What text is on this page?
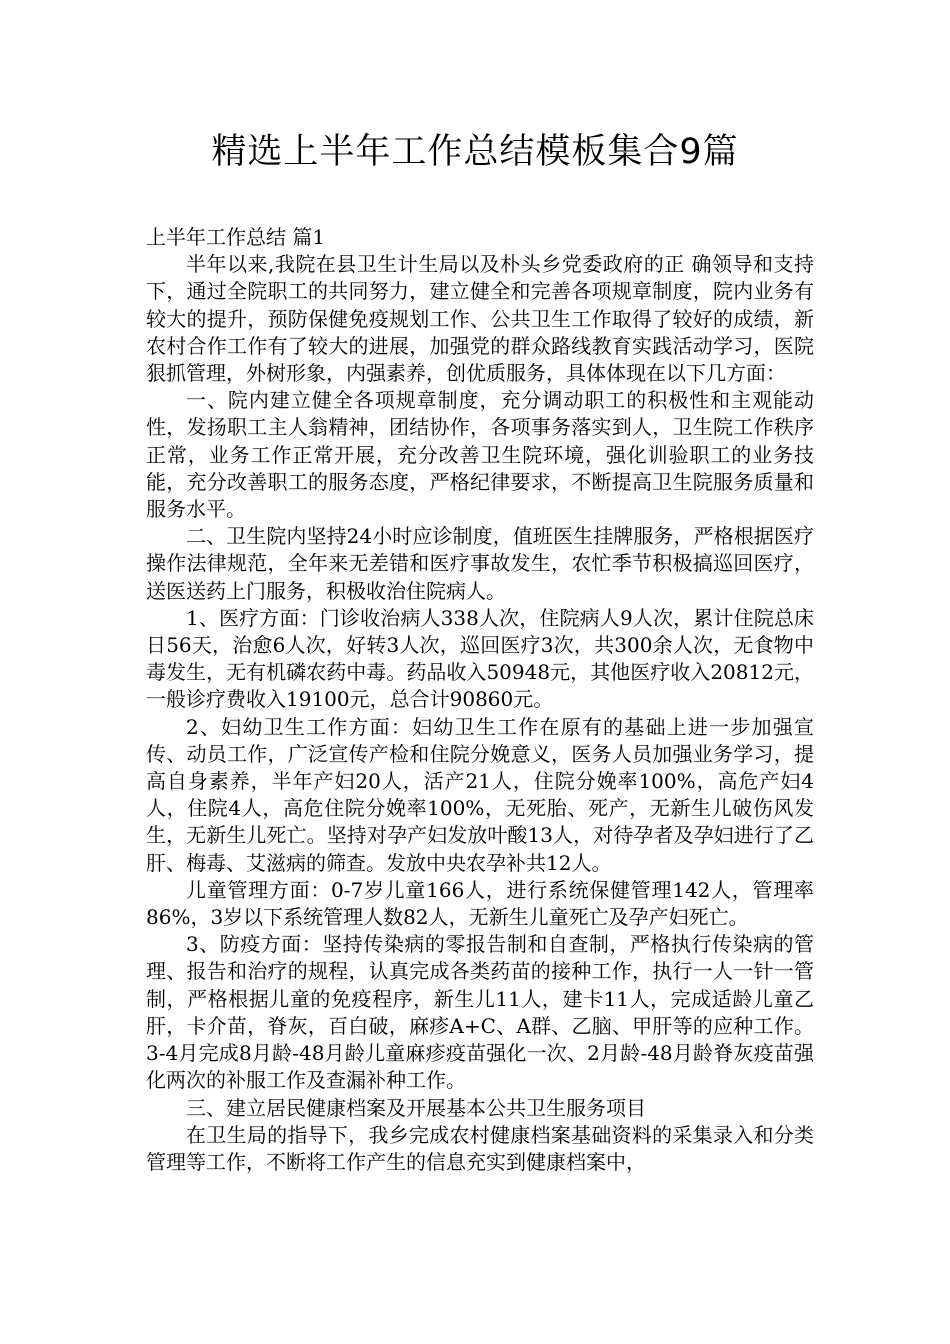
精选上半年工作总结模板集合9篇

上半年工作总结 篇1

半年以来,我院在县卫生计生局以及朴头乡党委政府的正 确领导和支持下，通过全院职工的共同努力，建立健全和完善各项规章制度，院内业务有较大的提升，预防保健免疫规划工作、公共卫生工作取得了较好的成绩，新农村合作工作有了较大的进展，加强党的群众路线教育实践活动学习，医院狠抓管理，外树形象，内强素养，创优质服务，具体体现在以下几方面：

一、院内建立健全各项规章制度，充分调动职工的积极性和主观能动性，发扬职工主人翁精神，团结协作，各项事务落实到人，卫生院工作秩序正常，业务工作正常开展，充分改善卫生院环境，强化训验职工的业务技能，充分改善职工的服务态度，严格纪律要求，不断提高卫生院服务质量和服务水平。

二、卫生院内坚持24小时应诊制度，值班医生挂牌服务，严格根据医疗操作法律规范，全年来无差错和医疗事故发生，农忙季节积极搞巡回医疗，送医送药上门服务，积极收治住院病人。

1、医疗方面：门诊收治病人338人次，住院病人9人次，累计住院总床日56天，治愈6人次，好转3人次，巡回医疗3次，共300余人次，无食物中毒发生，无有机磷农药中毒。药品收入50948元，其他医疗收入20812元，一般诊疗费收入19100元，总合计90860元。

2、妇幼卫生工作方面：妇幼卫生工作在原有的基础上进一步加强宣传、动员工作，广泛宣传产检和住院分娩意义，医务人员加强业务学习，提高自身素养，半年产妇20人，活产21人，住院分娩率100%，高危产妇4人，住院4人，高危住院分娩率100%，无死胎、死产，无新生儿破伤风发生，无新生儿死亡。坚持对孕产妇发放叶酸13人，对待孕者及孕妇进行了乙肝、梅毒、艾滋病的筛查。发放中央农孕补共12人。

儿童管理方面：0-7岁儿童166人，进行系统保健管理142人，管理率86%，3岁以下系统管理人数82人，无新生儿童死亡及孕产妇死亡。

3、防疫方面：坚持传染病的零报告制和自查制，严格执行传染病的管理、报告和治疗的规程，认真完成各类药苗的接种工作，执行一人一针一管制，严格根据儿童的免疫程序，新生儿11人，建卡11人，完成适龄儿童乙肝，卡介苗，脊灰，百白破，麻疹A+C、A群、乙脑、甲肝等的应种工作。3-4月完成8月龄-48月龄儿童麻疹疫苗强化一次、2月龄-48月龄脊灰疫苗强化两次的补服工作及查漏补种工作。

三、建立居民健康档案及开展基本公共卫生服务项目

在卫生局的指导下，我乡完成农村健康档案基础资料的采集录入和分类管理等工作，不断将工作产生的信息充实到健康档案中，
